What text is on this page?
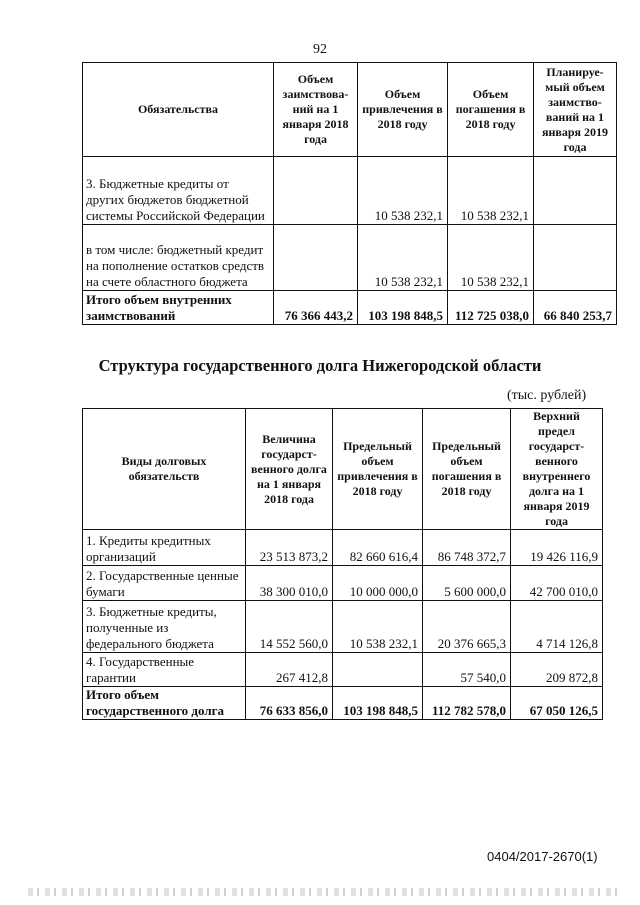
92
Обязательства	Объем заимствова-ний на 1 января 2018 года	Объем привлечения в 2018 году	Объем погашения в 2018 году	Планируе-мый объем заимство-ваний на 1 января 2019 года
3. Бюджетные кредиты от других бюджетов бюджетной системы Российской Федерации		10 538 232,1	10 538 232,1	
в том числе: бюджетный кредит на пополнение остатков средств на счете областного бюджета		10 538 232,1	10 538 232,1	
Итого объем внутренних заимствований	76 366 443,2	103 198 848,5	112 725 038,0	66 840 253,7
Структура государственного долга Нижегородской области
(тыс. рублей)
Виды долговых обязательств	Величина государст-венного долга на 1 января 2018 года	Предельный объем привлечения в 2018 году	Предельный объем погашения в 2018 году	Верхний предел государст-венного внутреннего долга на 1 января 2019 года
1. Кредиты кредитных организаций	23 513 873,2	82 660 616,4	86 748 372,7	19 426 116,9
2. Государственные ценные бумаги	38 300 010,0	10 000 000,0	5 600 000,0	42 700 010,0
3. Бюджетные кредиты, полученные из федерального бюджета	14 552 560,0	10 538 232,1	20 376 665,3	4 714 126,8
4. Государственные гарантии	267 412,8		57 540,0	209 872,8
Итого объем государственного долга	76 633 856,0	103 198 848,5	112 782 578,0	67 050 126,5
0404/2017-2670(1)
